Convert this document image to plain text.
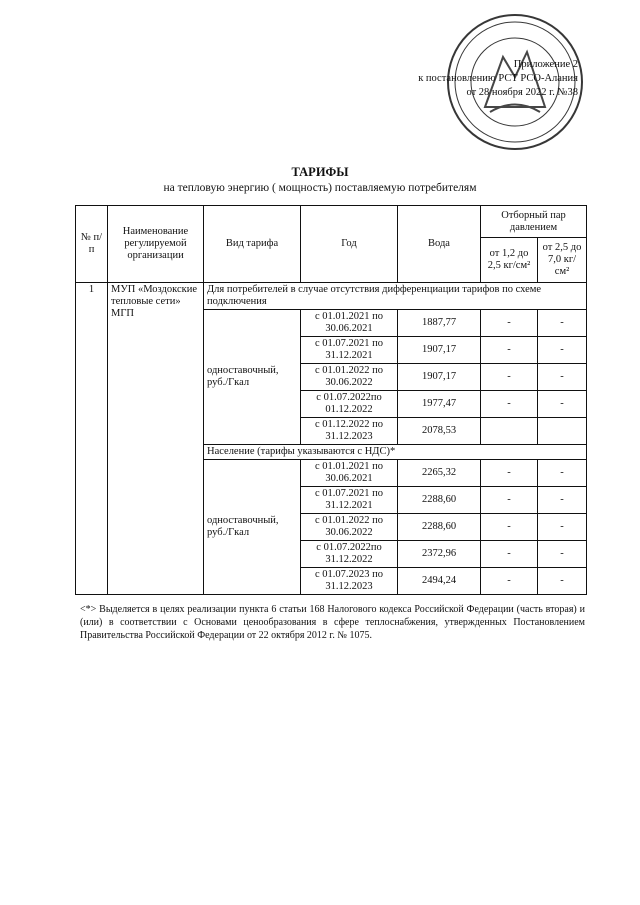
Приложение 2
к постановлению РСТ РСО-Алания
от 28 ноября 2022 г. №38
ТАРИФЫ
на тепловую энергию ( мощность) поставляемую потребителям
№ п/п	Наименование регулируемой организации	Вид тарифа	Год	Вода	Отборный пар давлением	
					от 1,2 до 2,5 кг/см²	от 2,5 до 7,0 кг/см²
1	МУП «Моздокские тепловые сети» МГП	Для потребителей в случае отсутствия дифференциации тарифов по схеме подключения				
		одноставочный, руб./Гкал	с 01.01.2021 по 30.06.2021	1887,77	-	-
			с 01.07.2021 по 31.12.2021	1907,17	-	-
			с 01.01.2022 по 30.06.2022	1907,17	-	-
			с 01.07.2022по 01.12.2022	1977,47	-	-
			с 01.12.2022 по 31.12.2023	2078,53		
		Население (тарифы указываются с НДС)*				
		одноставочный, руб./Гкал	с 01.01.2021 по 30.06.2021	2265,32	-	-
			с 01.07.2021 по 31.12.2021	2288,60	-	-
			с 01.01.2022 по 30.06.2022	2288,60	-	-
			с 01.07.2022по 31.12.2022	2372,96	-	-
			с 01.07.2023 по 31.12.2023	2494,24	-	-
<*> Выделяется в целях реализации пункта 6 статьи 168 Налогового кодекса Российской Федерации (часть вторая) и (или) в соответствии с Основами ценообразования в сфере теплоснабжения, утвержденных Постановлением Правительства Российской Федерации от 22 октября 2012 г. № 1075.
